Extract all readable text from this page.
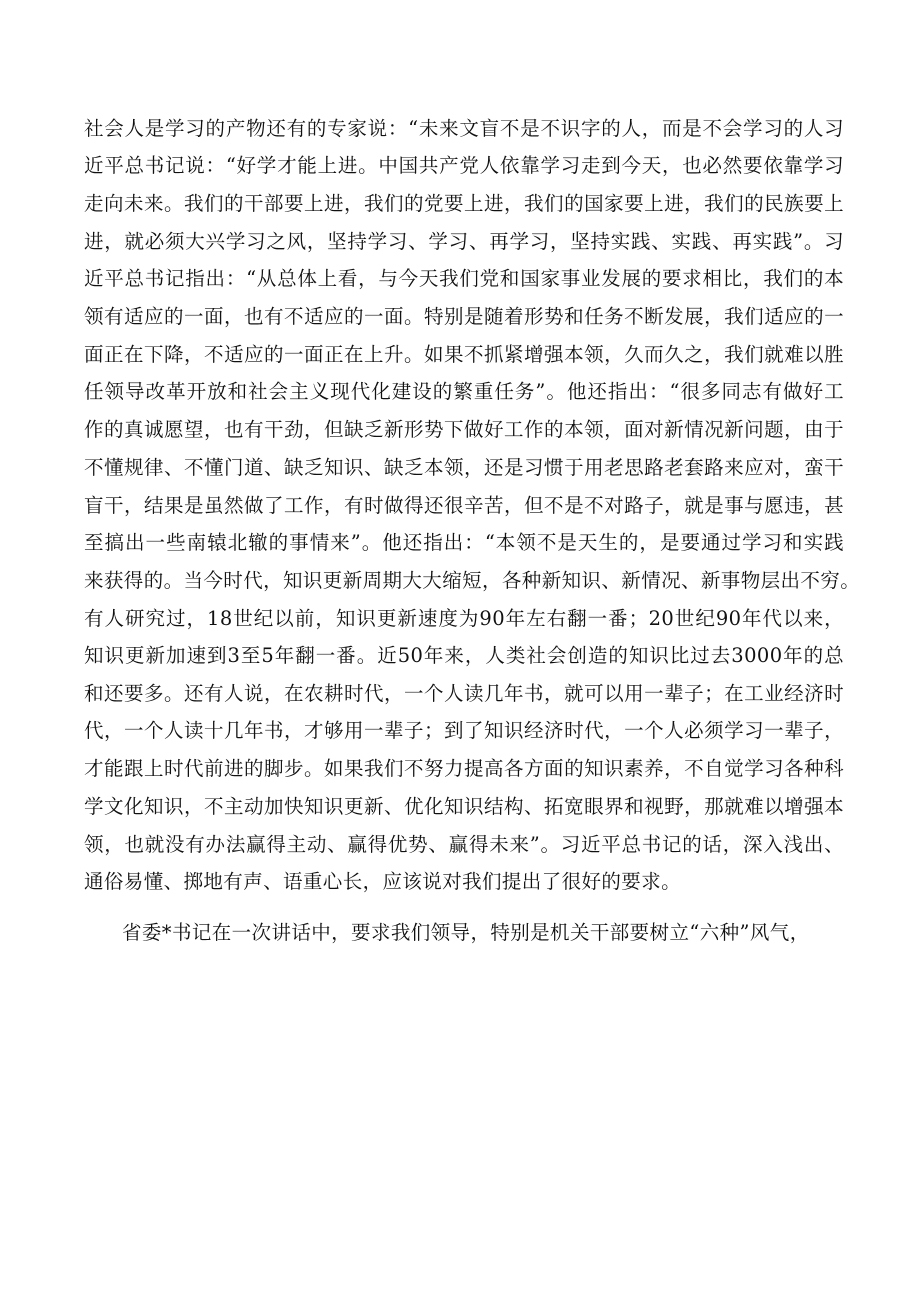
社会人是学习的产物还有的专家说：“未来文盲不是不识字的人，而是不会学习的人习
近平总书记说：“好学才能上进。中国共产党人依靠学习走到今天，也必然要依靠学习
走向未来。我们的干部要上进，我们的党要上进，我们的国家要上进，我们的民族要上
进，就必须大兴学习之风，坚持学习、学习、再学习，坚持实践、实践、再实践”。习
近平总书记指出：“从总体上看，与今天我们党和国家事业发展的要求相比，我们的本
领有适应的一面，也有不适应的一面。特别是随着形势和任务不断发展，我们适应的一
面正在下降，不适应的一面正在上升。如果不抓紧增强本领，久而久之，我们就难以胜
任领导改革开放和社会主义现代化建设的繁重任务”。他还指出：“很多同志有做好工
作的真诚愿望，也有干劲，但缺乏新形势下做好工作的本领，面对新情况新问题，由于
不懂规律、不懂门道、缺乏知识、缺乏本领，还是习惯于用老思路老套路来应对，蛮干
盲干，结果是虽然做了工作，有时做得还很辛苦，但不是不对路子，就是事与愿违，甚
至搞出一些南辕北辙的事情来”。他还指出：“本领不是天生的，是要通过学习和实践
来获得的。当今时代，知识更新周期大大缩短，各种新知识、新情况、新事物层出不穷。
有人研究过，18世纪以前，知识更新速度为90年左右翻一番；20世纪90年代以来，
知识更新加速到3至5年翻一番。近50年来，人类社会创造的知识比过去3000年的总
和还要多。还有人说，在农耕时代，一个人读几年书，就可以用一辈子；在工业经济时
代，一个人读十几年书，才够用一辈子；到了知识经济时代，一个人必须学习一辈子，
才能跟上时代前进的脚步。如果我们不努力提高各方面的知识素养，不自觉学习各种科
学文化知识，不主动加快知识更新、优化知识结构、拓宽眼界和视野，那就难以增强本
领，也就没有办法赢得主动、赢得优势、赢得未来”。习近平总书记的话，深入浅出、
通俗易懂、掷地有声、语重心长，应该说对我们提出了很好的要求。
省委*书记在一次讲话中，要求我们领导，特别是机关干部要树立“六种”风气，
